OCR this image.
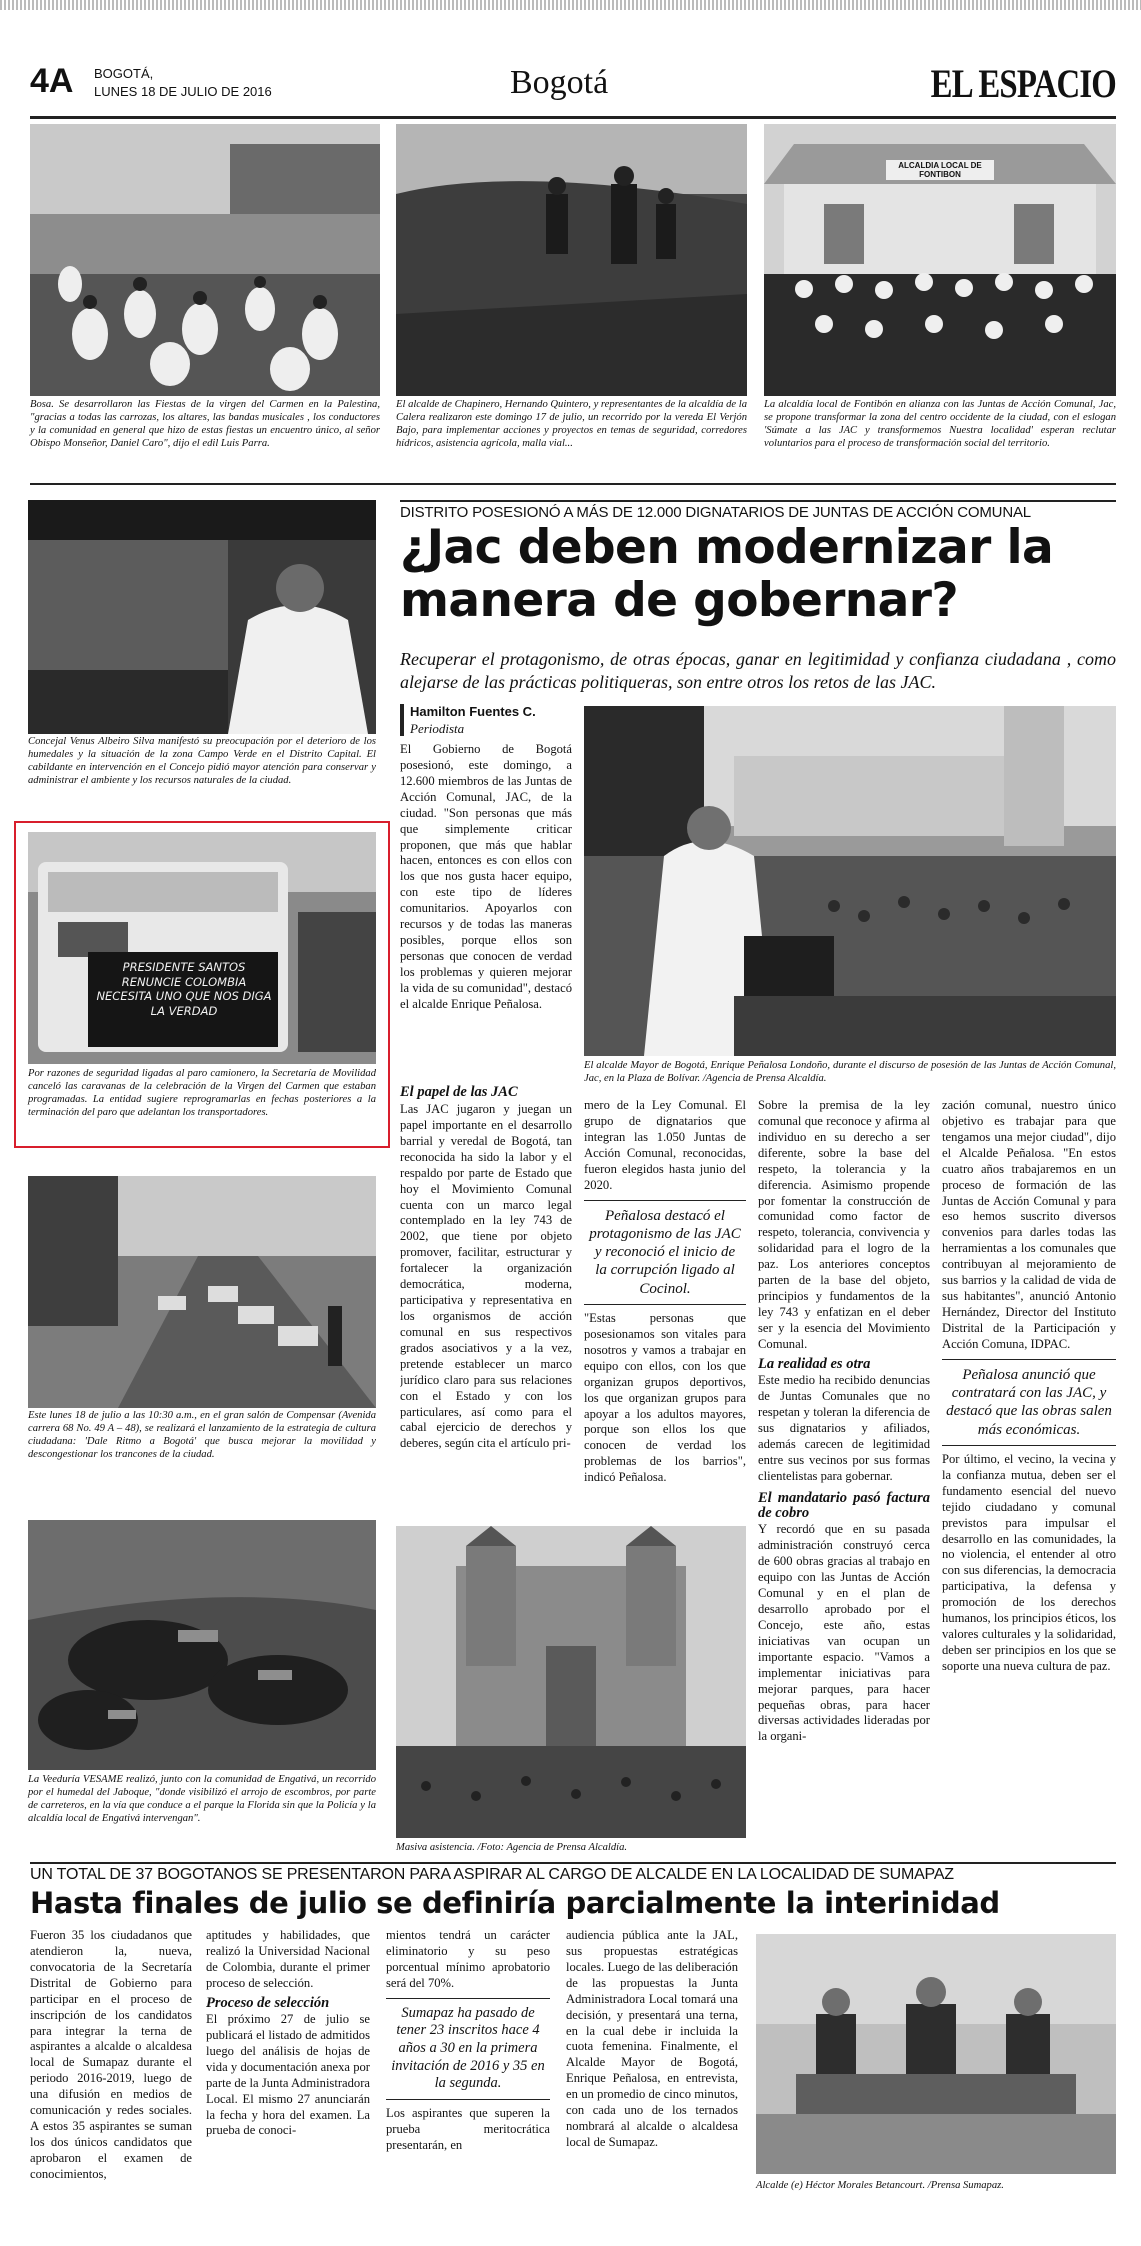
4A BOGOTÁ,
LUNES 18 DE JULIO DE 2016	Bogotá	EL ESPACIO
ALCALDIA LOCAL DE FONTIBON
Bosa. Se desarrollaron las Fiestas de la virgen del Carmen en la Palestina, "gracias a todas las carrozas, los altares, las bandas musicales , los conductores y la comunidad en general que hizo de estas fiestas un encuentro único, al señor Obispo Monseñor, Daniel Caro", dijo el edil Luis Parra.
El alcalde de Chapinero, Hernando Quintero, y representantes de la alcaldía de la Calera realizaron este domingo 17 de julio, un recorrido por la vereda El Verjón Bajo, para implementar acciones y proyectos en temas de seguridad, corredores hídricos, asistencia agrícola, malla vial...
La alcaldía local de Fontibón en alianza con las Juntas de Acción Comunal, Jac, se propone transformar la zona del centro occidente de la ciudad, con el eslogan 'Súmate a las JAC y transformemos Nuestra localidad' esperan reclutar voluntarios para el proceso de transformación social del territorio.
Concejal Venus Albeiro Silva manifestó su preocupación por el deterioro de los humedales y la situación de la zona Campo Verde en el Distrito Capital. El cabildante en intervención en el Concejo pidió mayor atención para conservar y administrar el ambiente y los recursos naturales de la ciudad.
PRESIDENTE SANTOS RENUNCIE COLOMBIA NECESITA UNO QUE NOS DIGA LA VERDAD
Por razones de seguridad ligadas al paro camionero, la Secretaría de Movilidad canceló las caravanas de la celebración de la Virgen del Carmen que estaban programadas. La entidad sugiere reprogramarlas en fechas posteriores a la terminación del paro que adelantan los transportadores.
Este lunes 18 de julio a las 10:30 a.m., en el gran salón de Compensar (Avenida carrera 68 No. 49 A – 48), se realizará el lanzamiento de la estrategia de cultura ciudadana: 'Dale Ritmo a Bogotá' que busca mejorar la movilidad y descongestionar los trancones de la ciudad.
La Veeduría VESAME realizó, junto con la comunidad de Engativá, un recorrido por el humedal del Jaboque, "donde visibilizó el arrojo de escombros, por parte de carreteros, en la vía que conduce a el parque la Florida sin que la Policía y la alcaldía local de Engativá intervengan".
DISTRITO POSESIONÓ A MÁS DE 12.000 DIGNATARIOS DE JUNTAS DE ACCIÓN COMUNAL
¿Jac deben modernizar la manera de gobernar?
Recuperar el protagonismo, de otras épocas, ganar en legitimidad y confianza ciudadana , como alejarse de las prácticas politiqueras, son entre otros los retos de las JAC.
Hamilton Fuentes C.
Periodista

El Gobierno de Bogotá posesionó, este domingo, a 12.600 miembros de las Juntas de Acción Comunal, JAC, de la ciudad. "Son personas que más que simplemente criticar proponen, que más que hablar hacen, entonces es con ellos con los que nos gusta hacer equipo, con este tipo de líderes comunitarios. Apoyarlos con recursos y de todas las maneras posibles, porque ellos son personas que conocen de verdad los problemas y quieren mejorar la vida de su comunidad", destacó el alcalde Enrique Peñalosa.

El alcalde Mayor de Bogotá, Enrique Peñalosa Londoño, durante el discurso de posesión de las Juntas de Acción Comunal, Jac, en la Plaza de Bolívar. /Agencia de Prensa Alcaldía.
El papel de las JAC

Las JAC jugaron y juegan un papel importante en el desarrollo barrial y veredal de Bogotá, tan reconocida ha sido la labor y el respaldo por parte de Estado que hoy el Movimiento Comunal cuenta con un marco legal contemplado en la ley 743 de 2002, que tiene por objeto promover, facilitar, estructurar y fortalecer la organización democrática, moderna, participativa y representativa en los organismos de acción comunal en sus respectivos grados asociativos y a la vez, pretende establecer un marco jurídico claro para sus relaciones con el Estado y con los particulares, así como para el cabal ejercicio de derechos y deberes, según cita el artículo pri-

mero de la Ley Comunal. El grupo de dignatarios que integran las 1.050 Juntas de Acción Comunal, reconocidas, fueron elegidos hasta junio del 2020.

Peñalosa destacó el protagonismo de las JAC y reconoció el inicio de la corrupción ligado al Cocinol.

"Estas personas que posesionamos son vitales para nosotros y vamos a trabajar en equipo con ellos, con los que organizan grupos deportivos, los que organizan grupos para apoyar a los adultos mayores, porque son ellos los que conocen de verdad los problemas de los barrios", indicó Peñalosa.

Sobre la premisa de la ley comunal que reconoce y afirma al individuo en su derecho a ser diferente, sobre la base del respeto, la tolerancia y la diferencia. Asimismo propende por fomentar la construcción de comunidad como factor de respeto, tolerancia, convivencia y solidaridad para el logro de la paz. Los anteriores conceptos parten de la base del objeto, principios y fundamentos de la ley 743 y enfatizan en el deber ser y la esencia del Movimiento Comunal.

La realidad es otra

Este medio ha recibido denuncias de Juntas Comunales que no respetan y toleran la diferencia de sus dignatarios y afiliados, además carecen de legitimidad entre sus vecinos por sus formas clientelistas para gobernar.

El mandatario pasó factura de cobro

Y recordó que en su pasada administración construyó cerca de 600 obras gracias al trabajo en equipo con las Juntas de Acción Comunal y en el plan de desarrollo aprobado por el Concejo, este año, estas iniciativas van ocupan un importante espacio. "Vamos a implementar iniciativas para mejorar parques, para hacer pequeñas obras, para hacer diversas actividades lideradas por la organi-

zación comunal, nuestro único objetivo es trabajar para que tengamos una mejor ciudad", dijo el Alcalde Peñalosa. "En estos cuatro años trabajaremos en un proceso de formación de las Juntas de Acción Comunal y para eso hemos suscrito diversos convenios para darles todas las herramientas a los comunales que contribuyan al mejoramiento de sus barrios y la calidad de vida de sus habitantes", anunció Antonio Hernández, Director del Instituto Distrital de la Participación y Acción Comuna, IDPAC.

Peñalosa anunció que contratará con las JAC, y destacó que las obras salen más económicas.

Por último, el vecino, la vecina y la confianza mutua, deben ser el fundamento esencial del nuevo tejido ciudadano y comunal previstos para impulsar el desarrollo en las comunidades, la no violencia, el entender al otro con sus diferencias, la democracia participativa, la defensa y promoción de los derechos humanos, los principios éticos, los valores culturales y la solidaridad, deben ser principios en los que se soporte una nueva cultura de paz.

Masiva asistencia. /Foto: Agencia de Prensa Alcaldía.
UN TOTAL DE 37 BOGOTANOS SE PRESENTARON PARA ASPIRAR AL CARGO DE ALCALDE EN LA LOCALIDAD DE SUMAPAZ
Hasta finales de julio se definiría parcialmente la interinidad

Fueron 35 los ciudadanos que atendieron la, nueva, convocatoria de la Secretaría Distrital de Gobierno para participar en el proceso de inscripción de los candidatos para integrar la terna de aspirantes a alcalde o alcaldesa local de Sumapaz durante el periodo 2016-2019, luego de una difusión en medios de comunicación y redes sociales. A estos 35 aspirantes se suman los dos únicos candidatos que aprobaron el examen de conocimientos,

aptitudes y habilidades, que realizó la Universidad Nacional de Colombia, durante el primer proceso de selección.

Proceso de selección

El próximo 27 de julio se publicará el listado de admitidos luego del análisis de hojas de vida y documentación anexa por parte de la Junta Administradora Local. El mismo 27 anunciarán la fecha y hora del examen. La prueba de conoci-

mientos tendrá un carácter eliminatorio y su peso porcentual mínimo aprobatorio será del 70%.

Sumapaz ha pasado de tener 23 inscritos hace 4 años a 30 en la primera invitación de 2016 y 35 en la segunda.

Los aspirantes que superen la prueba meritocrática presentarán, en

audiencia pública ante la JAL, sus propuestas estratégicas locales. Luego de las deliberación de las propuestas la Junta Administradora Local tomará una decisión, y presentará una terna, en la cual debe ir incluida la cuota femenina. Finalmente, el Alcalde Mayor de Bogotá, Enrique Peñalosa, en entrevista, en un promedio de cinco minutos, con cada uno de los ternados nombrará al alcalde o alcaldesa local de Sumapaz.

Alcalde (e) Héctor Morales Betancourt. /Prensa Sumapaz.
